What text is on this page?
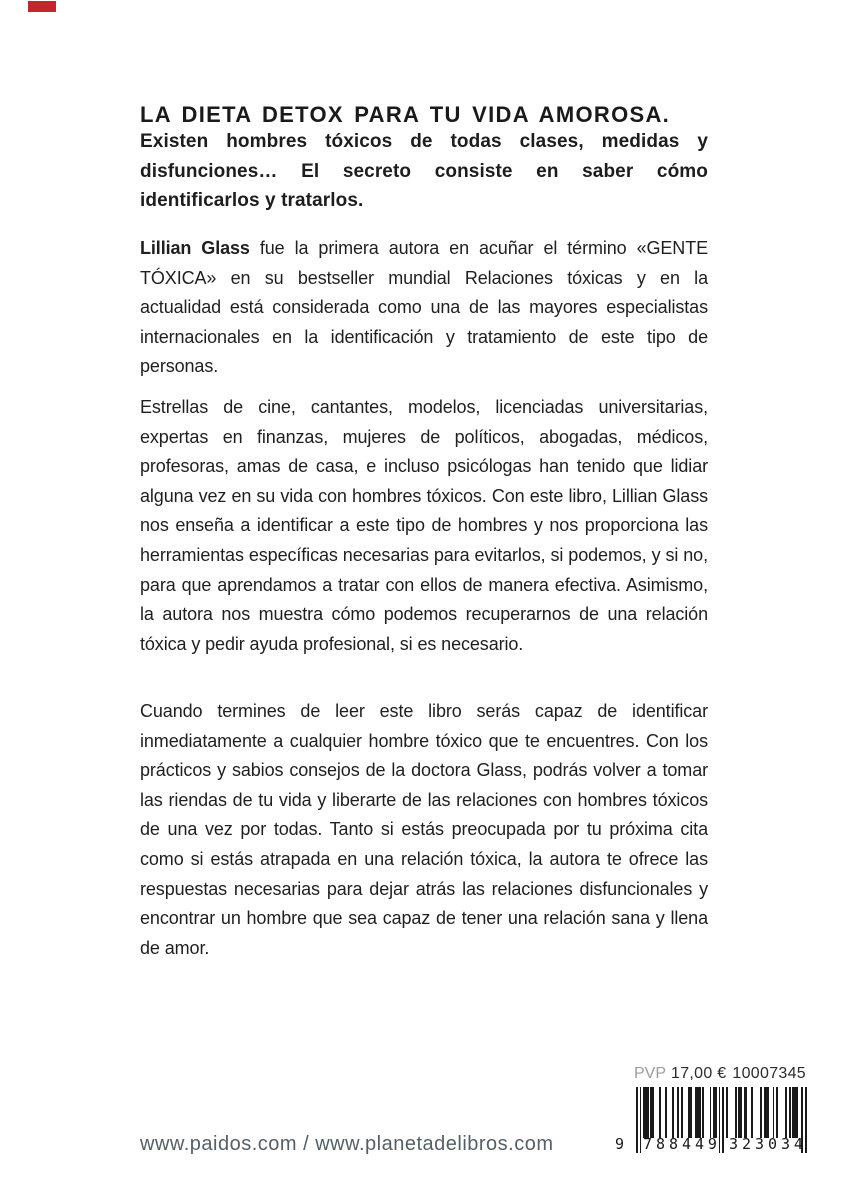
LA DIETA DETOX PARA TU VIDA AMOROSA.
Existen hombres tóxicos de todas clases, medidas y disfunciones… El secreto consiste en saber cómo identificarlos y tratarlos.

Lillian Glass fue la primera autora en acuñar el término «GENTE TÓXICA» en su bestseller mundial Relaciones tóxicas y en la actualidad está considerada como una de las mayores especialistas internacionales en la identificación y tratamiento de este tipo de personas.

Estrellas de cine, cantantes, modelos, licenciadas universitarias, expertas en finanzas, mujeres de políticos, abogadas, médicos, profesoras, amas de casa, e incluso psicólogas han tenido que lidiar alguna vez en su vida con hombres tóxicos. Con este libro, Lillian Glass nos enseña a identificar a este tipo de hombres y nos proporciona las herramientas específicas necesarias para evitarlos, si podemos, y si no, para que aprendamos a tratar con ellos de manera efectiva. Asimismo, la autora nos muestra cómo podemos recuperarnos de una relación tóxica y pedir ayuda profesional, si es necesario.

Cuando termines de leer este libro serás capaz de identificar inmediatamente a cualquier hombre tóxico que te encuentres. Con los prácticos y sabios consejos de la doctora Glass, podrás volver a tomar las riendas de tu vida y liberarte de las relaciones con hombres tóxicos de una vez por todas. Tanto si estás preocupada por tu próxima cita como si estás atrapada en una relación tóxica, la autora te ofrece las respuestas necesarias para dejar atrás las relaciones disfuncionales y encontrar un hombre que sea capaz de tener una relación sana y llena de amor.

PVP 17,00 € 10007345
9 7 8 8 4 4 9 3 2 3 0 3 4
www.paidos.com / www.planetadelibros.com
